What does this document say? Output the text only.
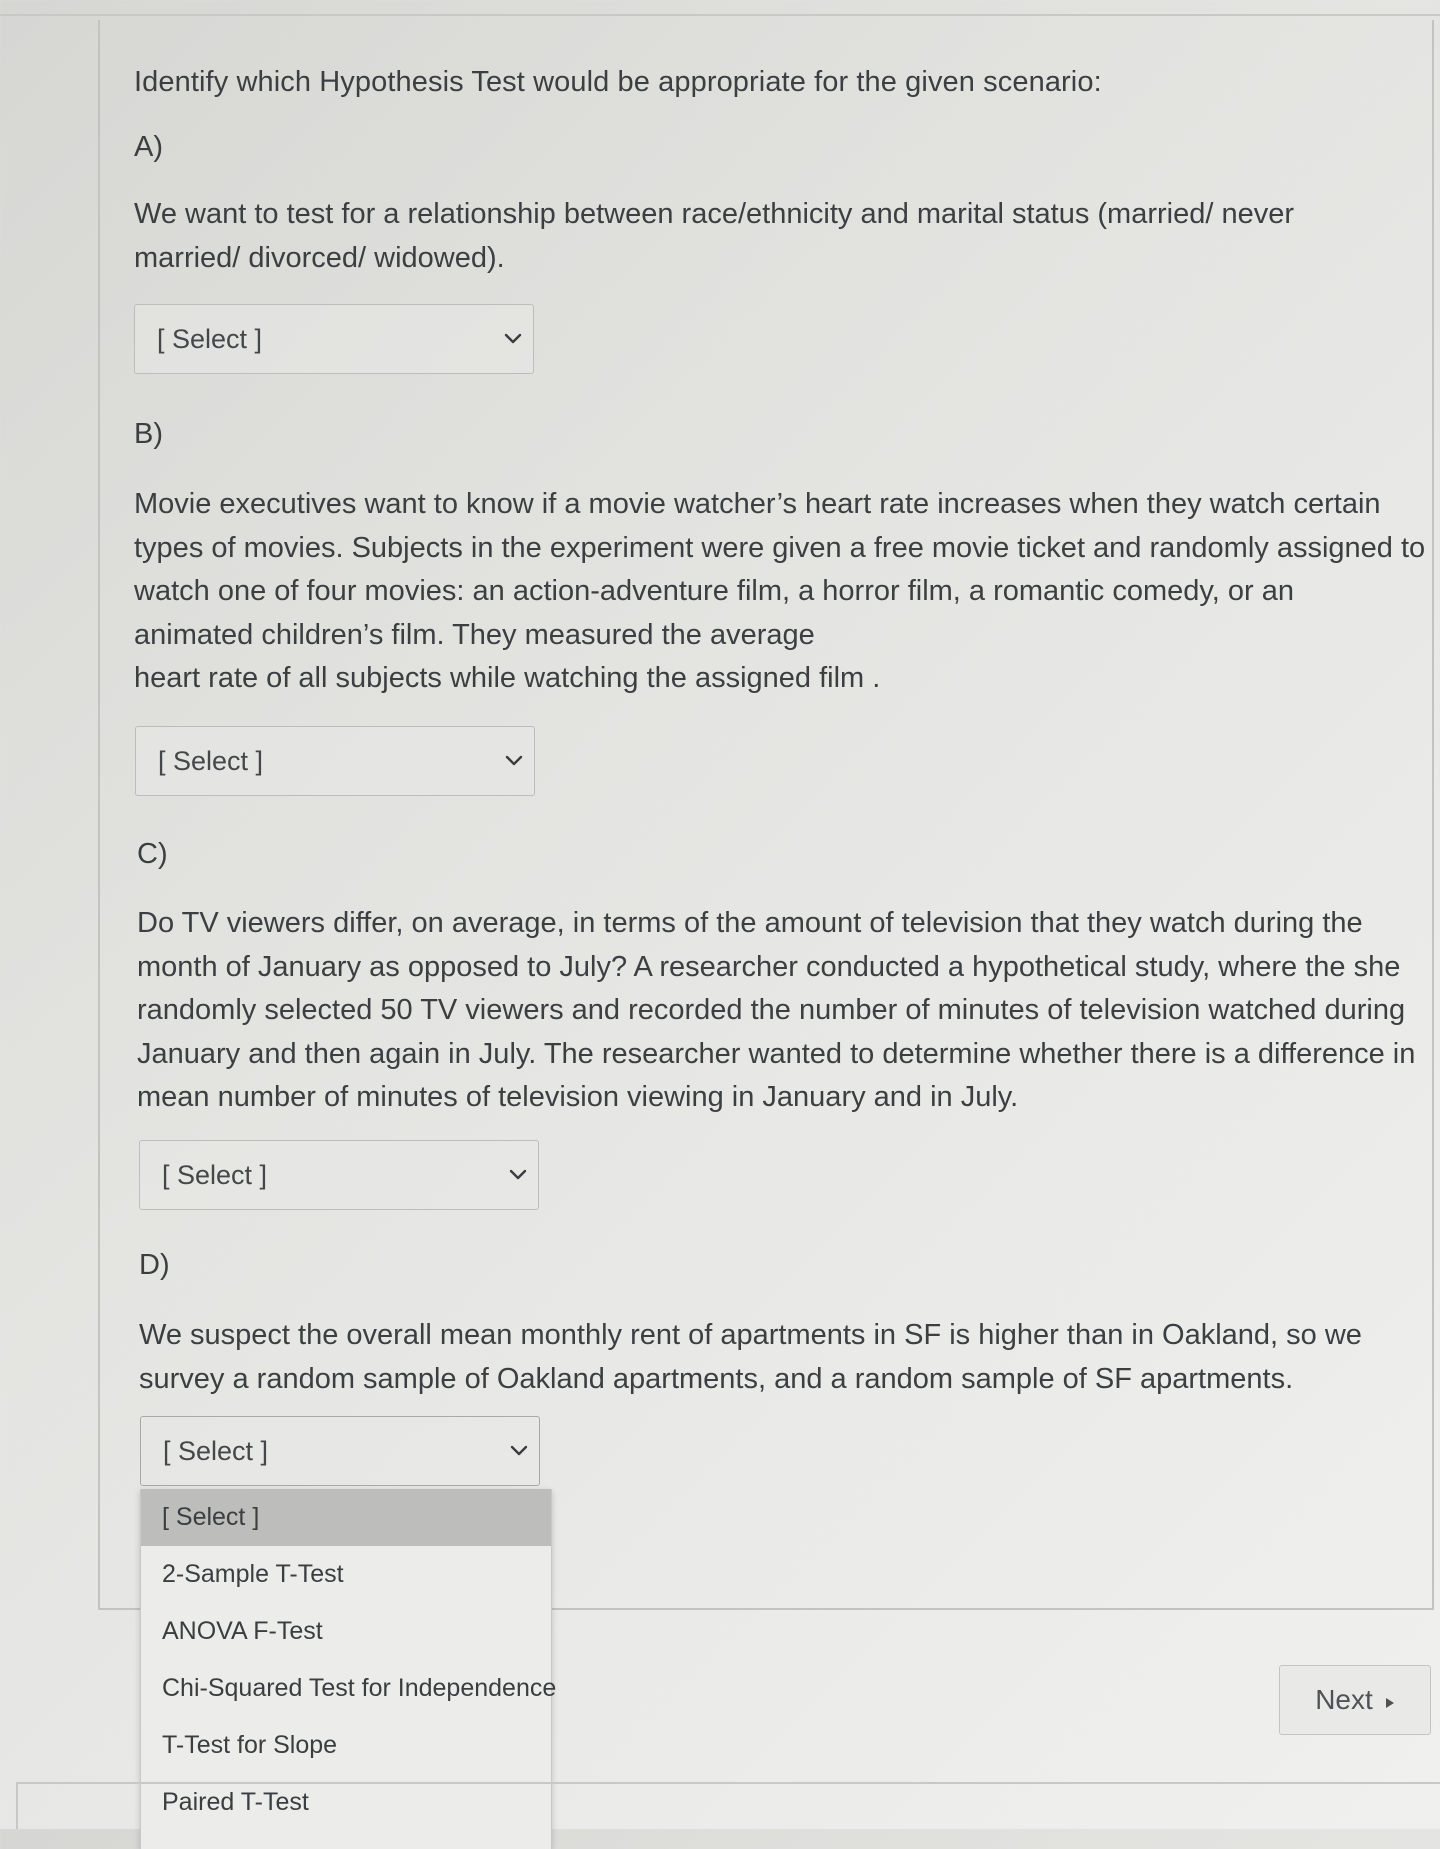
Identify which Hypothesis Test would be appropriate for the given scenario:
A)
We want to test for a relationship between race/ethnicity and marital status (married/ never
married/ divorced/ widowed).
[ Select ]
B)
Movie executives want to know if a movie watcher’s heart rate increases when they watch certain
types of movies. Subjects in the experiment were given a free movie ticket and randomly assigned to
watch one of four movies: an action-adventure film, a horror film, a romantic comedy, or an
animated children’s film. They measured the average
heart rate of all subjects while watching the assigned film .
[ Select ]
C)
Do TV viewers differ, on average, in terms of the amount of television that they watch during the
month of January as opposed to July? A researcher conducted a hypothetical study, where the she
randomly selected 50 TV viewers and recorded the number of minutes of television watched during
January and then again in July. The researcher wanted to determine whether there is a difference in
mean number of minutes of television viewing in January and in July.
[ Select ]
D)
We suspect the overall mean monthly rent of apartments in SF is higher than in Oakland, so we
survey a random sample of Oakland apartments, and a random sample of SF apartments.
[ Select ]
[ Select ]
2-Sample T-Test
ANOVA F-Test
Chi-Squared Test for Independence
T-Test for Slope
Paired T-Test
Next
